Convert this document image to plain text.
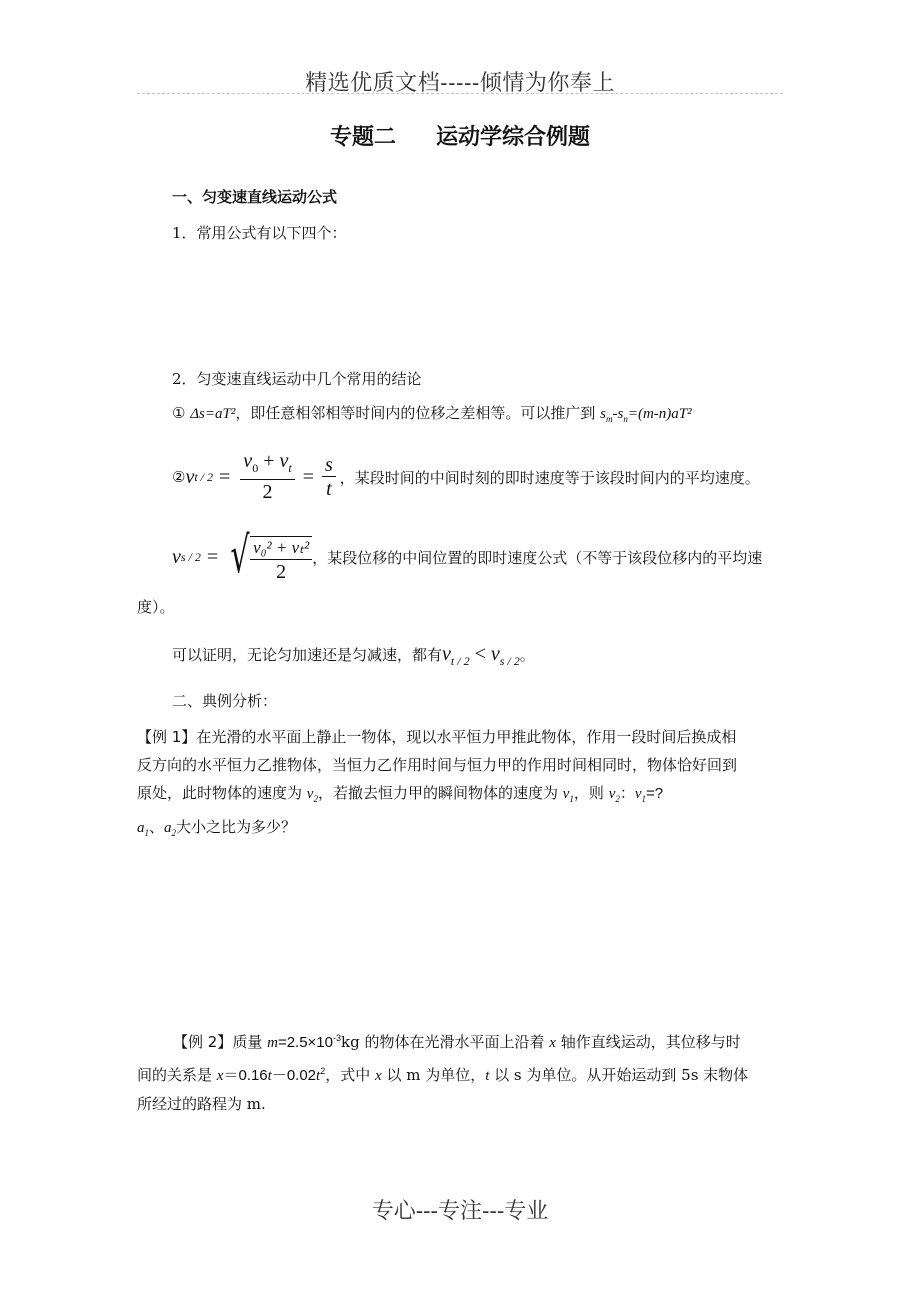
精选优质文档-----倾情为你奉上
专题二 运动学综合例题
一、匀变速直线运动公式
1．常用公式有以下四个：
2．匀变速直线运动中几个常用的结论
① Δs=aT²，即任意相邻相等时间内的位移之差相等。可以推广到 $s_m-s_n=(m-n)aT^2$
② v $t / 2 = \frac{v_0 + v_t}{2} = \frac{s}{t}$ ，某段时间的中间时刻的即时速度等于该段时间内的平均速度。
v s / 2 = √ $\frac{\text{v₀² + vₜ²}}{2}$ ，某段位移的中间位置的即时速度公式（不等于该段位移内的平均速
度）。
可以证明，无论匀加速还是匀减速，都有$v_{t / 2} < v_{s / 2}$。
二、典例分析：
【例 1】在光滑的水平面上静止一物体，现以水平恒力甲推此物体，作用一段时间后换成相
反方向的水平恒力乙推物体，当恒力乙作用时间与恒力甲的作用时间相同时，物体恰好回到
原处，此时物体的速度为 $v_2$，若撤去恒力甲的瞬间物体的速度为 $v_1$，则 $v_2$：$v_1=$?
$a_1$、$a_2$大小之比为多少？
【例 2】质量 $m=2.5\times 10^{-3}kg$ 的物体在光滑水平面上沿着 x 轴作直线运动，其位移与时
间的关系是 $x=0.16t-0.02t^2$，式中 x 以 m 为单位，t 以 s 为单位。从开始运动到 5s 末物体
所经过的路程为 m.
专心---专注---专业
